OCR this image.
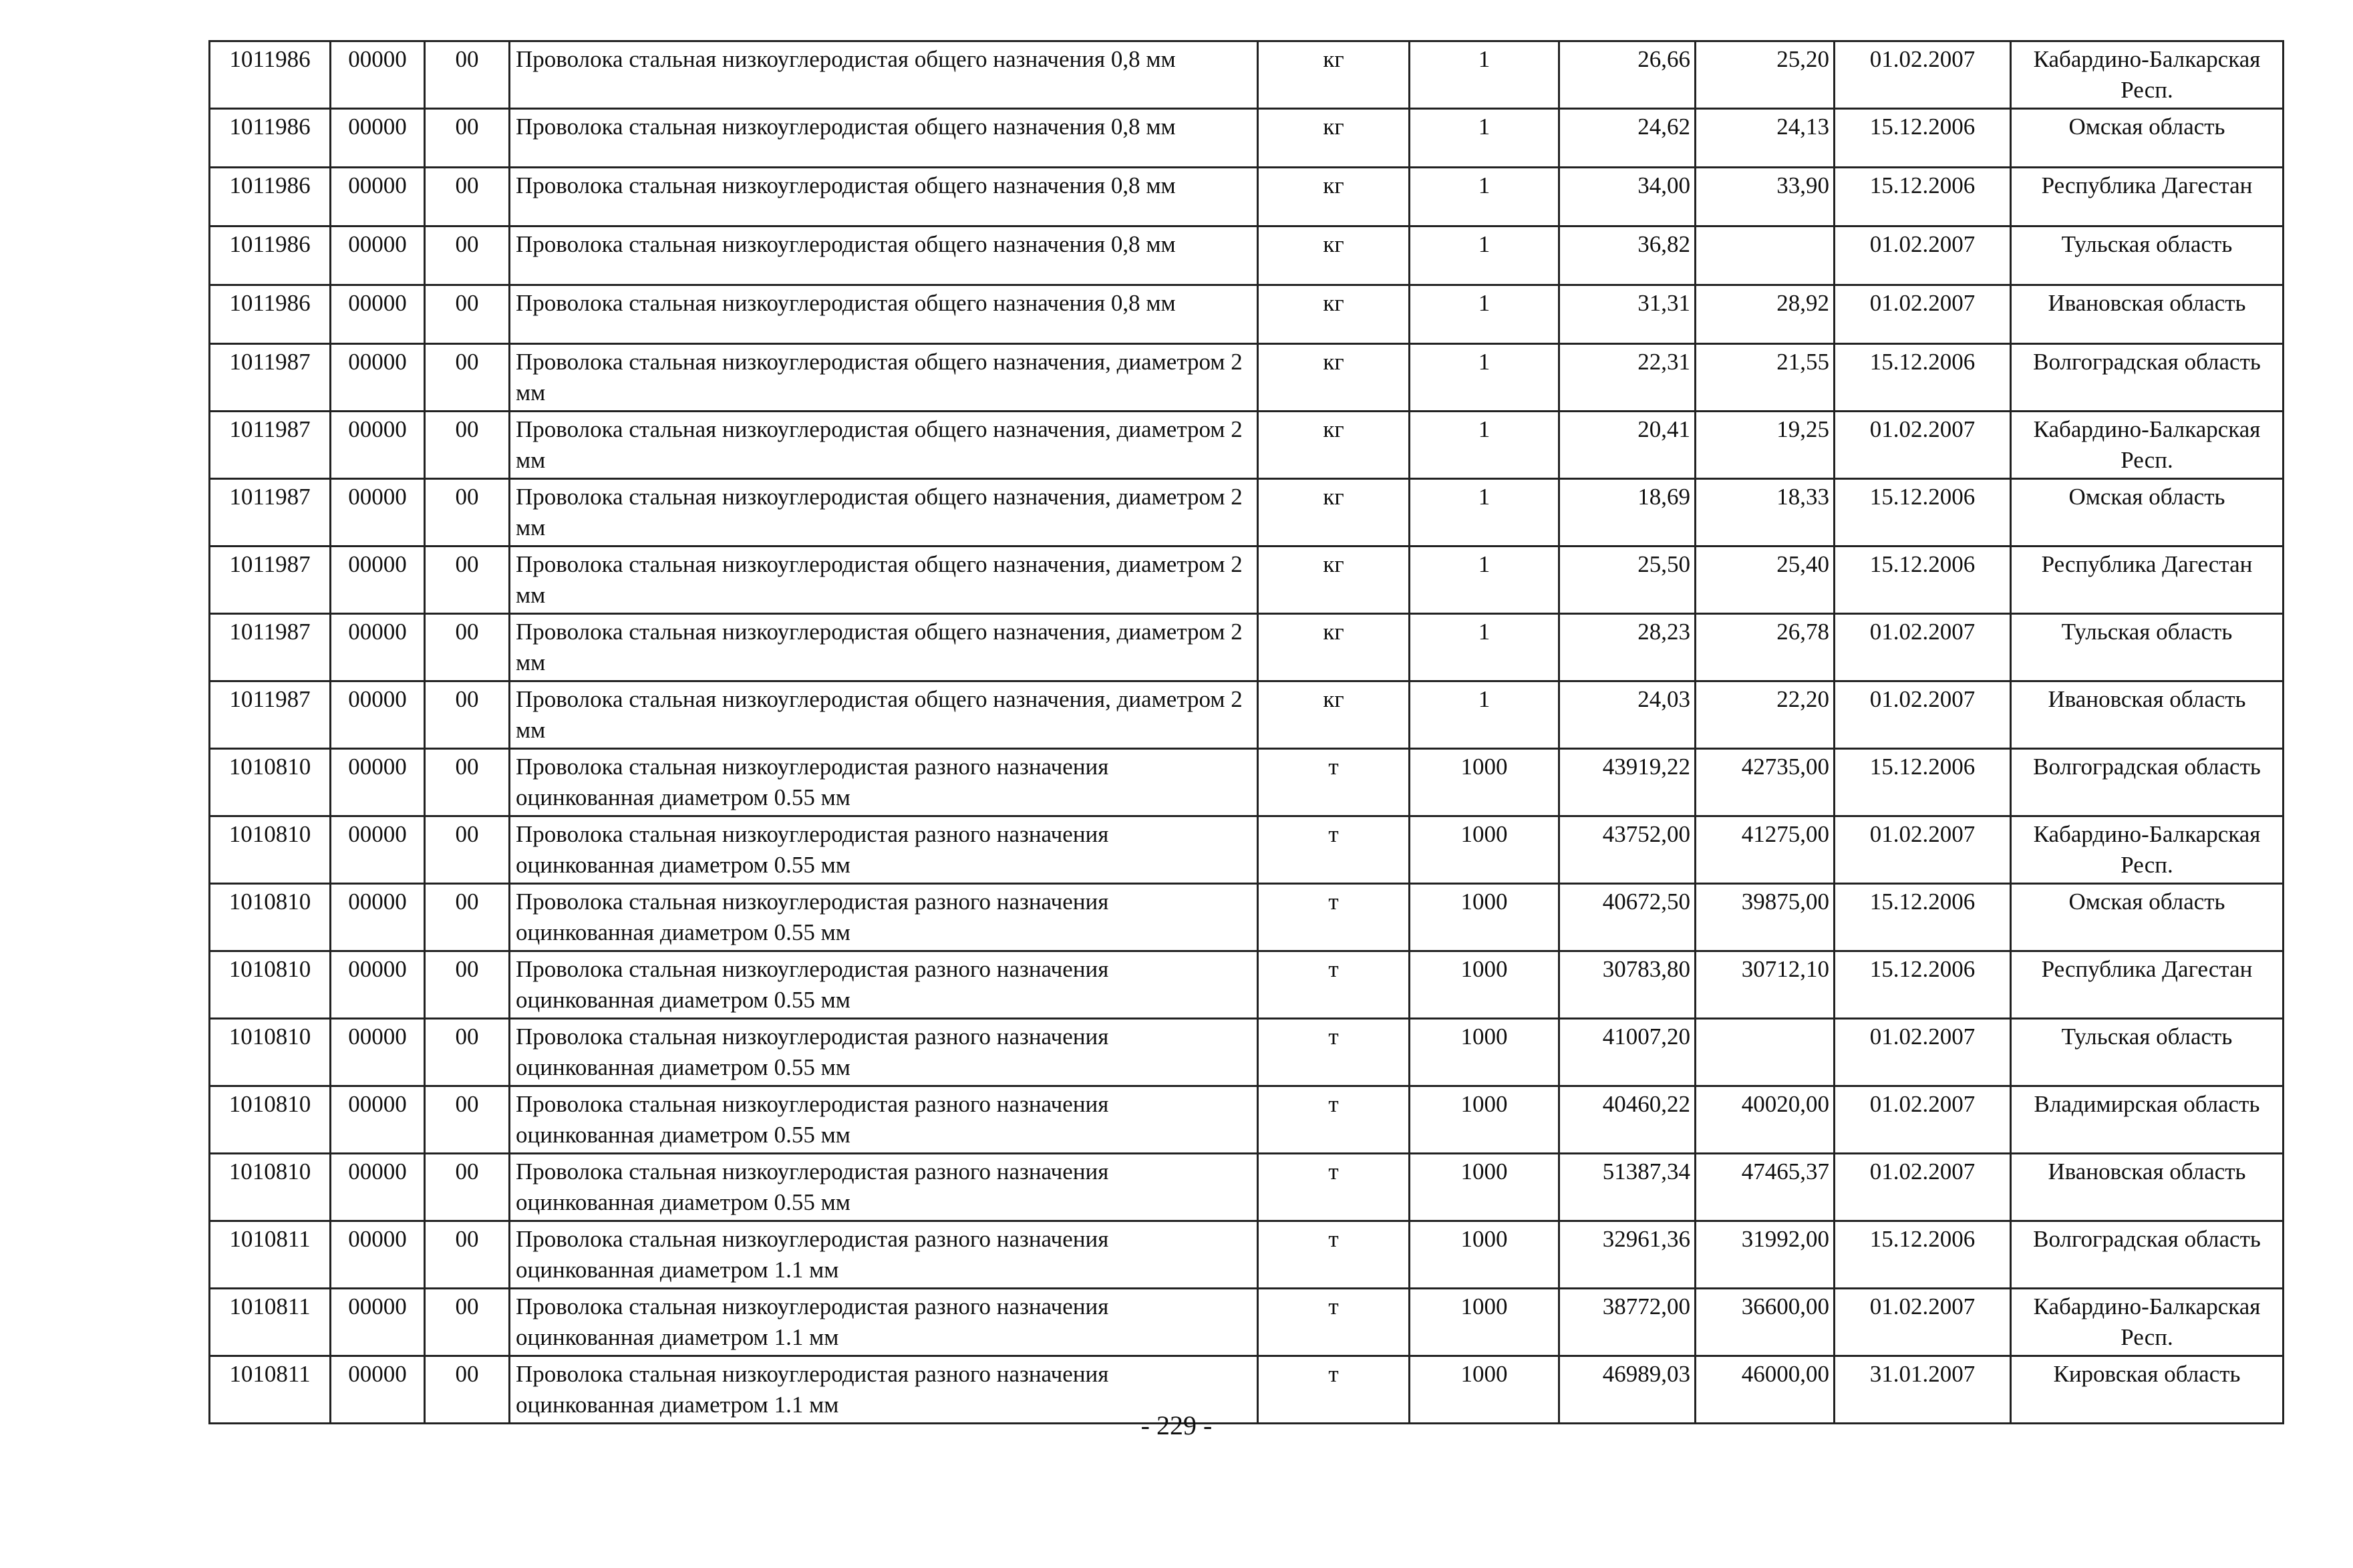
1011986	00000	00	Проволока стальная низкоуглеродистая общего назначения 0,8 мм	кг	1	26,66	25,20	01.02.2007	Кабардино-Балкарская Респ.
1011986	00000	00	Проволока стальная низкоуглеродистая общего назначения 0,8 мм	кг	1	24,62	24,13	15.12.2006	Омская область
1011986	00000	00	Проволока стальная низкоуглеродистая общего назначения 0,8 мм	кг	1	34,00	33,90	15.12.2006	Республика Дагестан
1011986	00000	00	Проволока стальная низкоуглеродистая общего назначения 0,8 мм	кг	1	36,82		01.02.2007	Тульская область
1011986	00000	00	Проволока стальная низкоуглеродистая общего назначения 0,8 мм	кг	1	31,31	28,92	01.02.2007	Ивановская область
1011987	00000	00	Проволока стальная низкоуглеродистая общего назначения, диаметром 2 мм	кг	1	22,31	21,55	15.12.2006	Волгоградская область
1011987	00000	00	Проволока стальная низкоуглеродистая общего назначения, диаметром 2 мм	кг	1	20,41	19,25	01.02.2007	Кабардино-Балкарская Респ.
1011987	00000	00	Проволока стальная низкоуглеродистая общего назначения, диаметром 2 мм	кг	1	18,69	18,33	15.12.2006	Омская область
1011987	00000	00	Проволока стальная низкоуглеродистая общего назначения, диаметром 2 мм	кг	1	25,50	25,40	15.12.2006	Республика Дагестан
1011987	00000	00	Проволока стальная низкоуглеродистая общего назначения, диаметром 2 мм	кг	1	28,23	26,78	01.02.2007	Тульская область
1011987	00000	00	Проволока стальная низкоуглеродистая общего назначения, диаметром 2 мм	кг	1	24,03	22,20	01.02.2007	Ивановская область
1010810	00000	00	Проволока стальная низкоуглеродистая разного назначения оцинкованная диаметром 0.55 мм	т	1000	43919,22	42735,00	15.12.2006	Волгоградская область
1010810	00000	00	Проволока стальная низкоуглеродистая разного назначения оцинкованная диаметром 0.55 мм	т	1000	43752,00	41275,00	01.02.2007	Кабардино-Балкарская Респ.
1010810	00000	00	Проволока стальная низкоуглеродистая разного назначения оцинкованная диаметром 0.55 мм	т	1000	40672,50	39875,00	15.12.2006	Омская область
1010810	00000	00	Проволока стальная низкоуглеродистая разного назначения оцинкованная диаметром 0.55 мм	т	1000	30783,80	30712,10	15.12.2006	Республика Дагестан
1010810	00000	00	Проволока стальная низкоуглеродистая разного назначения оцинкованная диаметром 0.55 мм	т	1000	41007,20		01.02.2007	Тульская область
1010810	00000	00	Проволока стальная низкоуглеродистая разного назначения оцинкованная диаметром 0.55 мм	т	1000	40460,22	40020,00	01.02.2007	Владимирская область
1010810	00000	00	Проволока стальная низкоуглеродистая разного назначения оцинкованная диаметром 0.55 мм	т	1000	51387,34	47465,37	01.02.2007	Ивановская область
1010811	00000	00	Проволока стальная низкоуглеродистая разного назначения оцинкованная диаметром 1.1 мм	т	1000	32961,36	31992,00	15.12.2006	Волгоградская область
1010811	00000	00	Проволока стальная низкоуглеродистая разного назначения оцинкованная диаметром 1.1 мм	т	1000	38772,00	36600,00	01.02.2007	Кабардино-Балкарская Респ.
1010811	00000	00	Проволока стальная низкоуглеродистая разного назначения оцинкованная диаметром 1.1 мм	т	1000	46989,03	46000,00	31.01.2007	Кировская область
- 229 -
